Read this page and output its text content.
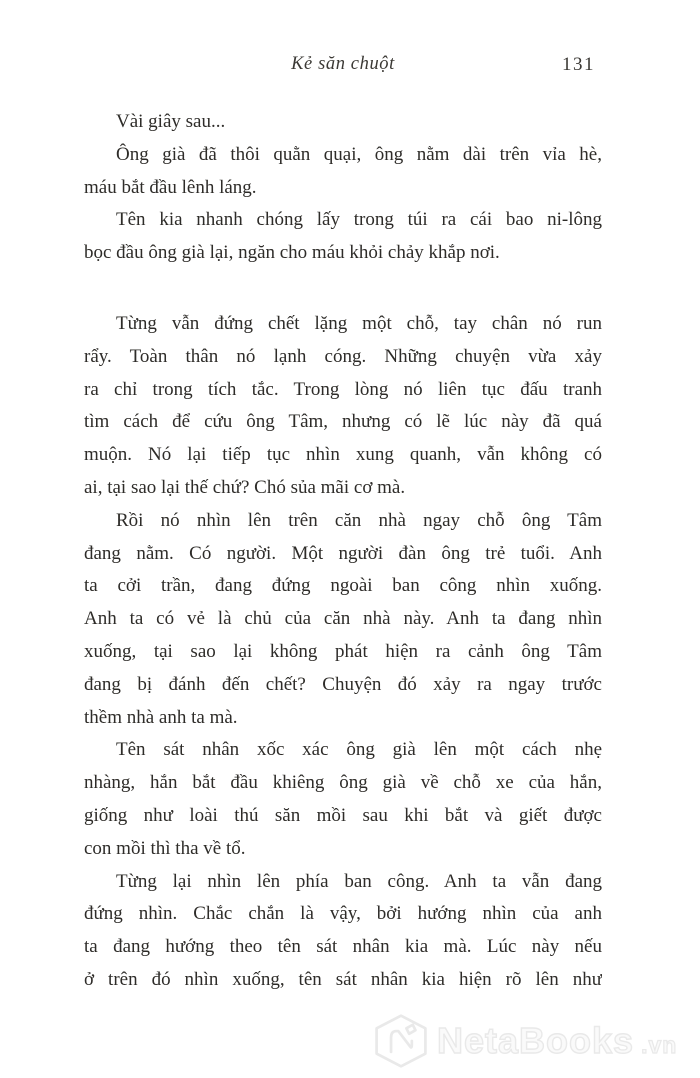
Kẻ săn chuột	131
Vài giây sau...
Ông già đã thôi quằn quại, ông nằm dài trên vỉa hè,
máu bắt đầu lênh láng.
Tên kia nhanh chóng lấy trong túi ra cái bao ni-lông
bọc đầu ông già lại, ngăn cho máu khỏi chảy khắp nơi.
Từng vẫn đứng chết lặng một chỗ, tay chân nó run
rẩy. Toàn thân nó lạnh cóng. Những chuyện vừa xảy
ra chỉ trong tích tắc. Trong lòng nó liên tục đấu tranh
tìm cách để cứu ông Tâm, nhưng có lẽ lúc này đã quá
muộn. Nó lại tiếp tục nhìn xung quanh, vẫn không có
ai, tại sao lại thế chứ? Chó sủa mãi cơ mà.
Rồi nó nhìn lên trên căn nhà ngay chỗ ông Tâm
đang nằm. Có người. Một người đàn ông trẻ tuổi. Anh
ta cởi trần, đang đứng ngoài ban công nhìn xuống.
Anh ta có vẻ là chủ của căn nhà này. Anh ta đang nhìn
xuống, tại sao lại không phát hiện ra cảnh ông Tâm
đang bị đánh đến chết? Chuyện đó xảy ra ngay trước
thềm nhà anh ta mà.
Tên sát nhân xốc xác ông già lên một cách nhẹ
nhàng, hắn bắt đầu khiêng ông già về chỗ xe của hắn,
giống như loài thú săn mồi sau khi bắt và giết được
con mồi thì tha về tổ.
Từng lại nhìn lên phía ban công. Anh ta vẫn đang
đứng nhìn. Chắc chắn là vậy, bởi hướng nhìn của anh
ta đang hướng theo tên sát nhân kia mà. Lúc này nếu
ở trên đó nhìn xuống, tên sát nhân kia hiện rõ lên như
NetaBooks .vn
